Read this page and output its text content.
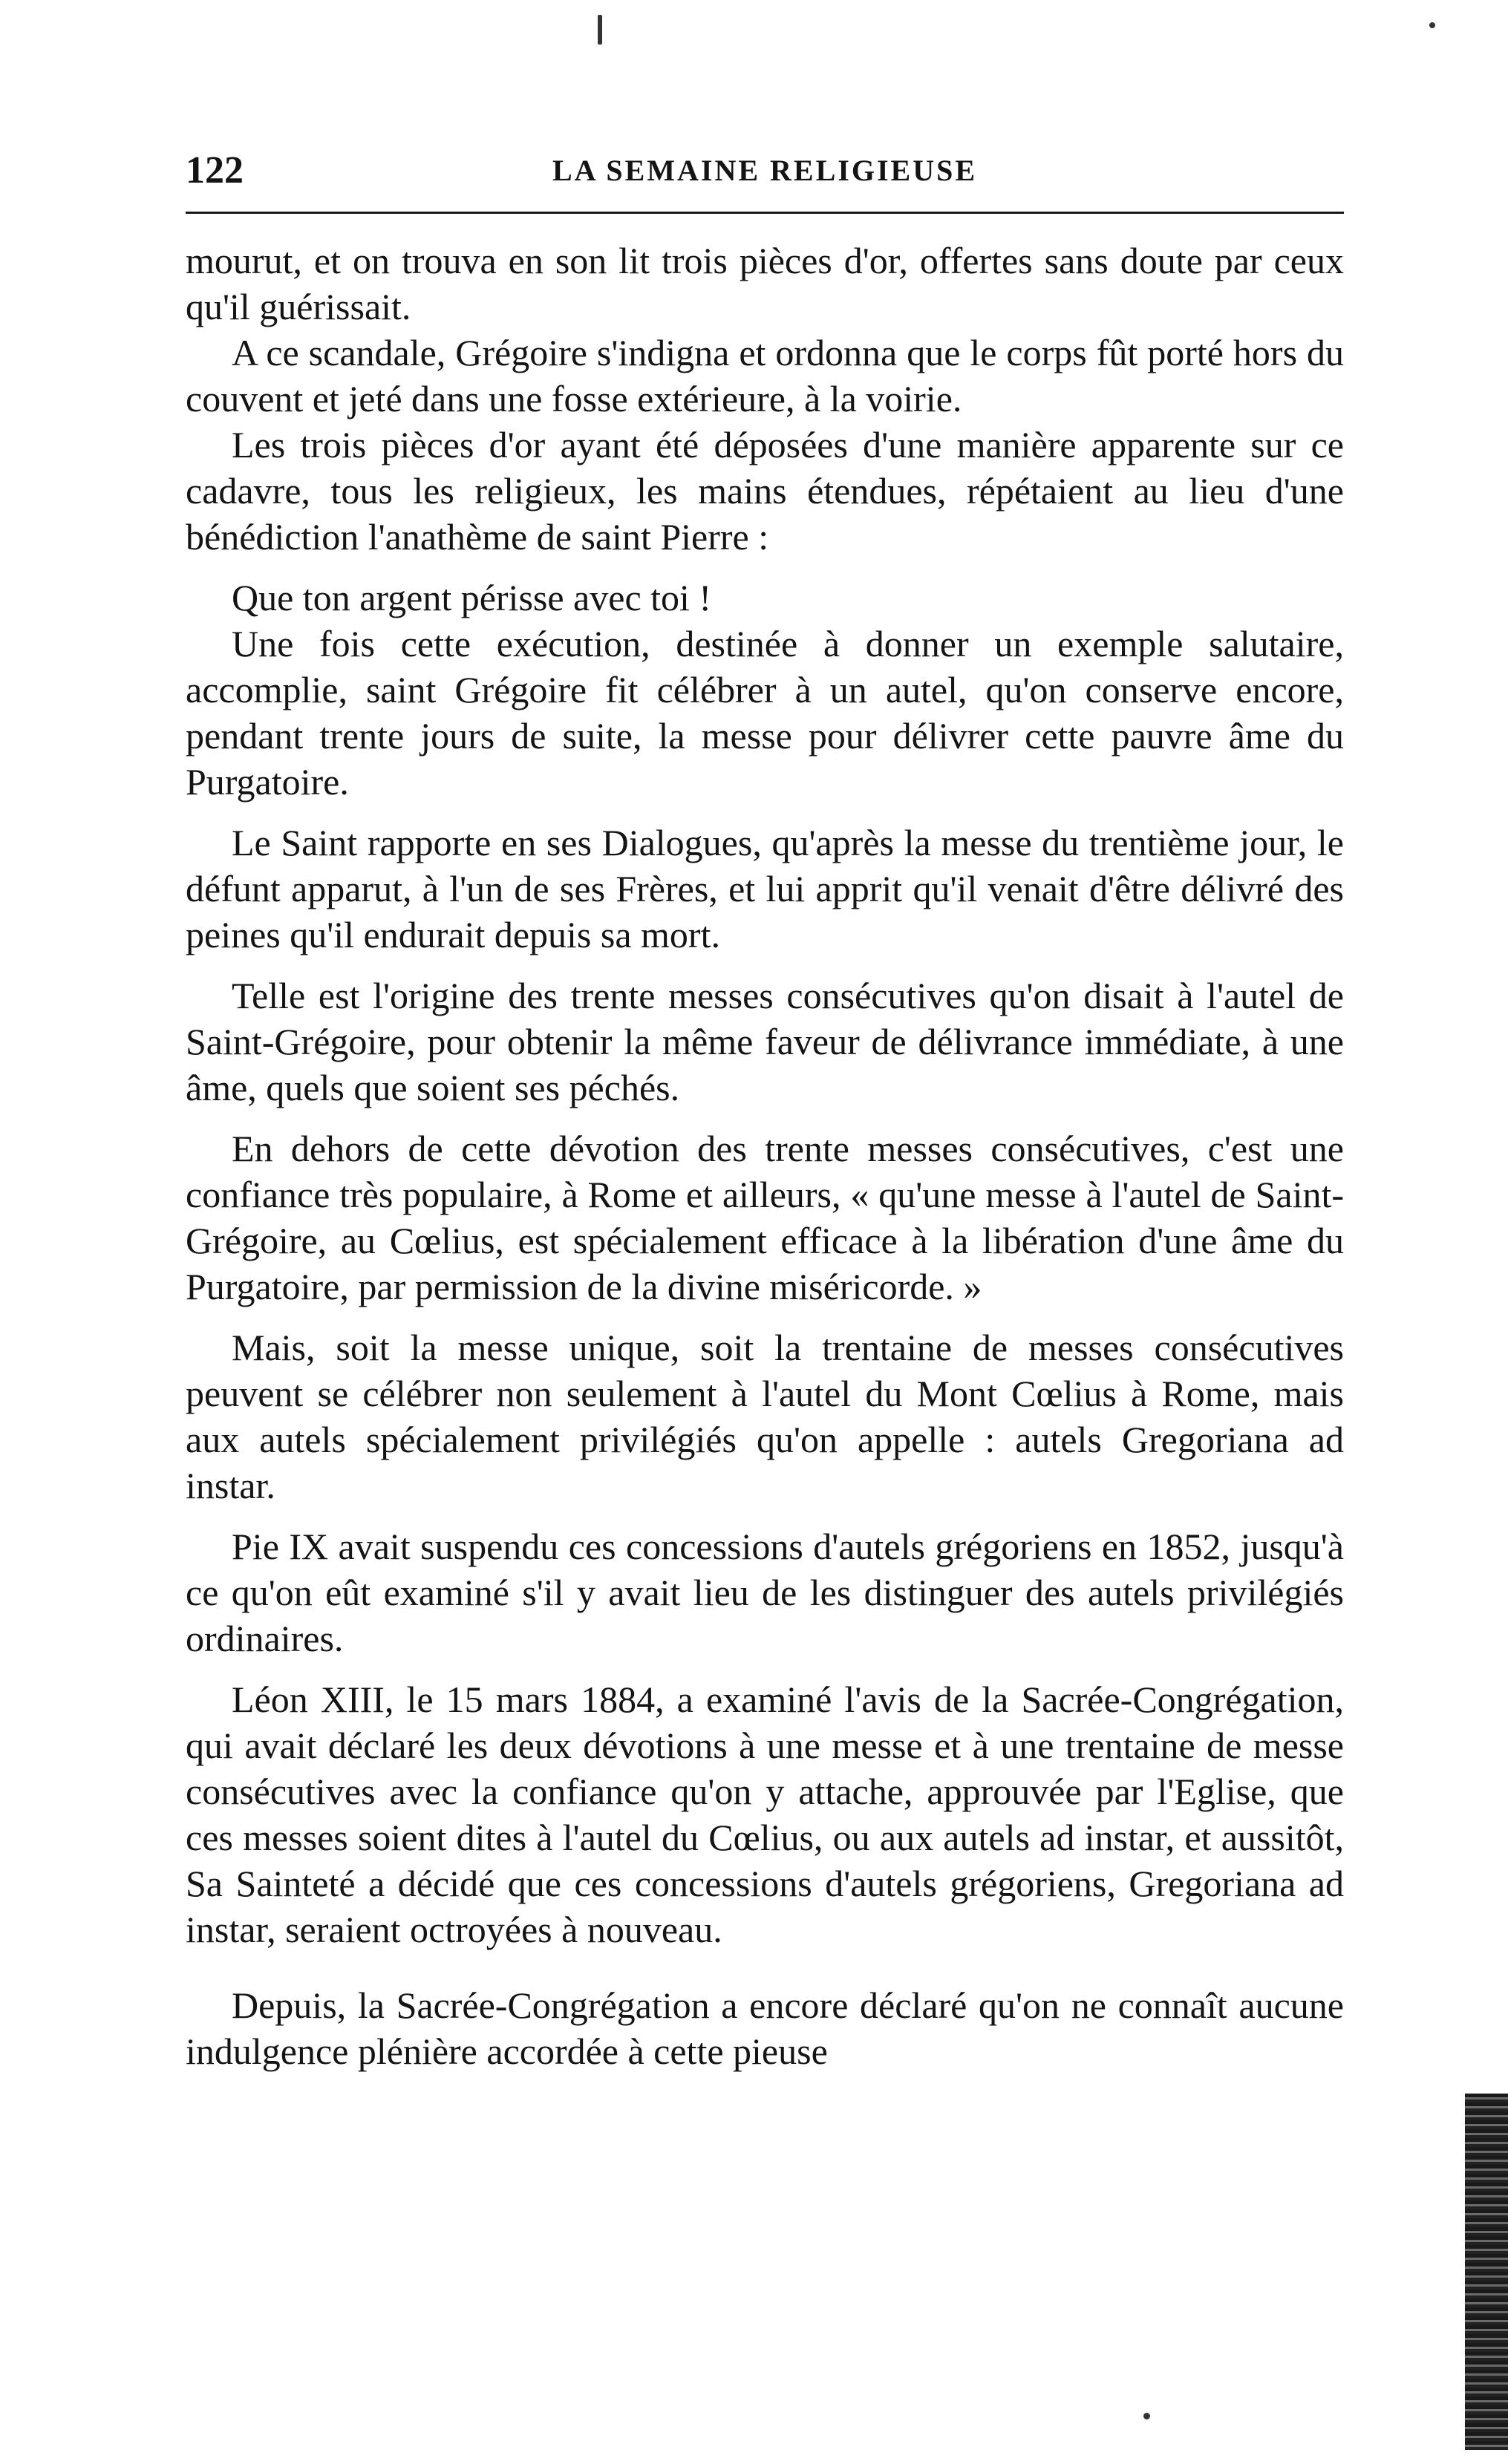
122	LA SEMAINE RELIGIEUSE

mourut, et on trouva en son lit trois pièces d'or, offertes sans doute par ceux qu'il guérissait.

A ce scandale, Grégoire s'indigna et ordonna que le corps fût porté hors du couvent et jeté dans une fosse extérieure, à la voirie.

Les trois pièces d'or ayant été déposées d'une manière apparente sur ce cadavre, tous les religieux, les mains étendues, répétaient au lieu d'une bénédiction l'anathème de saint Pierre :

Que ton argent périsse avec toi !

Une fois cette exécution, destinée à donner un exemple salutaire, accomplie, saint Grégoire fit célébrer à un autel, qu'on conserve encore, pendant trente jours de suite, la messe pour délivrer cette pauvre âme du Purgatoire.

Le Saint rapporte en ses Dialogues, qu'après la messe du trentième jour, le défunt apparut, à l'un de ses Frères, et lui apprit qu'il venait d'être délivré des peines qu'il endurait depuis sa mort.

Telle est l'origine des trente messes consécutives qu'on disait à l'autel de Saint-Grégoire, pour obtenir la même faveur de délivrance immédiate, à une âme, quels que soient ses péchés.

En dehors de cette dévotion des trente messes consécutives, c'est une confiance très populaire, à Rome et ailleurs, « qu'une messe à l'autel de Saint-Grégoire, au Cœlius, est spécialement efficace à la libération d'une âme du Purgatoire, par permission de la divine miséricorde. »

Mais, soit la messe unique, soit la trentaine de messes consécutives peuvent se célébrer non seulement à l'autel du Mont Cœlius à Rome, mais aux autels spécialement privilégiés qu'on appelle : autels Gregoriana ad instar.

Pie IX avait suspendu ces concessions d'autels grégoriens en 1852, jusqu'à ce qu'on eût examiné s'il y avait lieu de les distinguer des autels privilégiés ordinaires.

Léon XIII, le 15 mars 1884, a examiné l'avis de la Sacrée-Congrégation, qui avait déclaré les deux dévotions à une messe et à une trentaine de messe consécutives avec la confiance qu'on y attache, approuvée par l'Eglise, que ces messes soient dites à l'autel du Cœlius, ou aux autels ad instar, et aussitôt, Sa Sainteté a décidé que ces concessions d'autels grégoriens, Gregoriana ad instar, seraient octroyées à nouveau.

Depuis, la Sacrée-Congrégation a encore déclaré qu'on ne connaît aucune indulgence plénière accordée à cette pieuse
